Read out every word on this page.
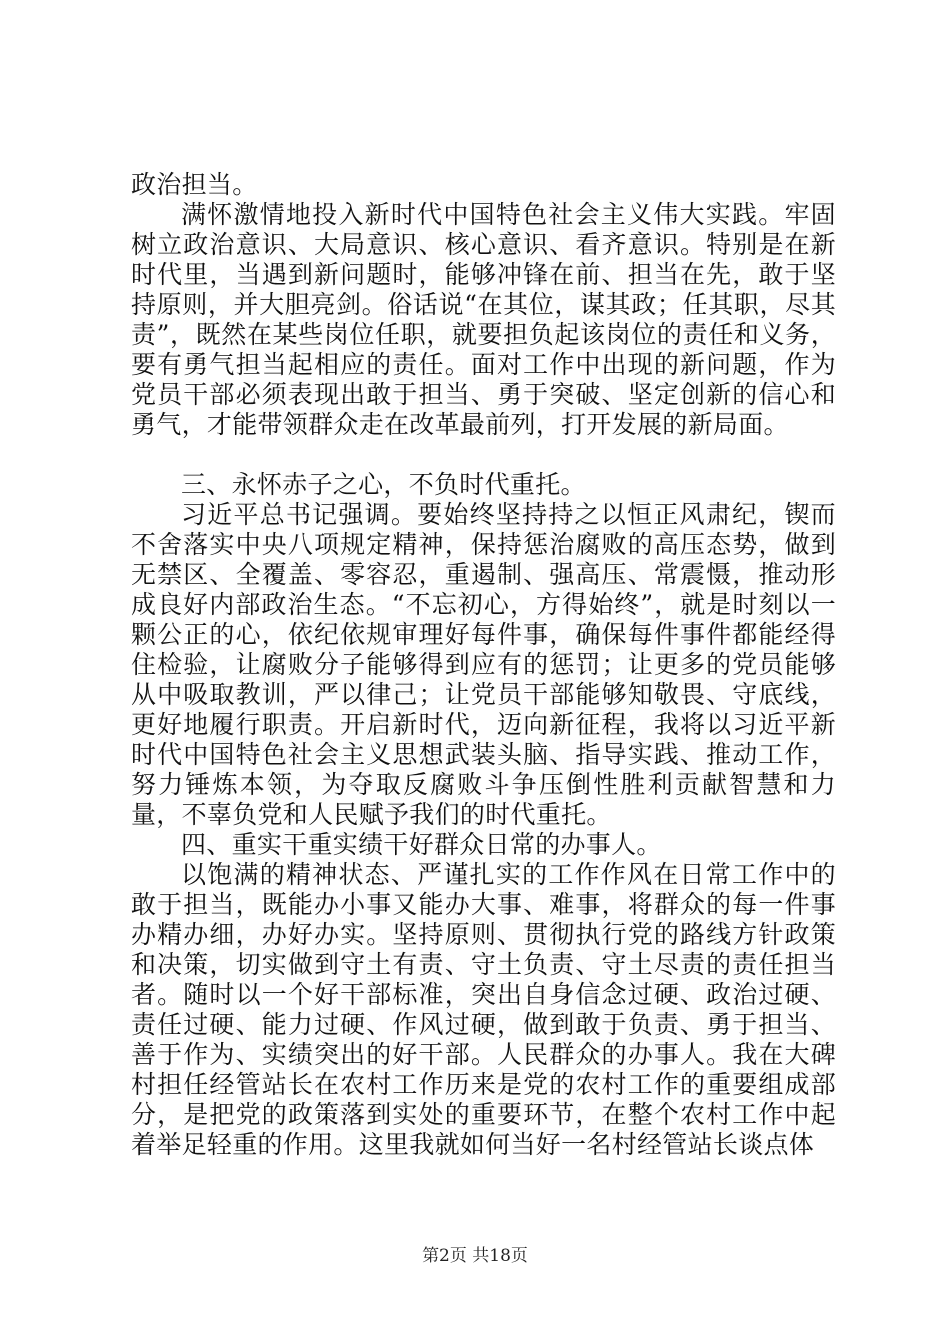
政治担当。

满怀激情地投入新时代中国特色社会主义伟大实践。牢固树立政治意识、大局意识、核心意识、看齐意识。特别是在新时代里，当遇到新问题时，能够冲锋在前、担当在先，敢于坚持原则，并大胆亮剑。俗话说“在其位，谋其政；任其职，尽其责”，既然在某些岗位任职，就要担负起该岗位的责任和义务，要有勇气担当起相应的责任。面对工作中出现的新问题，作为党员干部必须表现出敢于担当、勇于突破、坚定创新的信心和勇气，才能带领群众走在改革最前列，打开发展的新局面。

三、永怀赤子之心，不负时代重托。

习近平总书记强调。要始终坚持持之以恒正风肃纪，锲而不舍落实中央八项规定精神，保持惩治腐败的高压态势，做到无禁区、全覆盖、零容忍，重遏制、强高压、常震慑，推动形成良好内部政治生态。“不忘初心，方得始终”，就是时刻以一颗公正的心，依纪依规审理好每件事，确保每件事件都能经得住检验，让腐败分子能够得到应有的惩罚；让更多的党员能够从中吸取教训，严以律己；让党员干部能够知敬畏、守底线，更好地履行职责。开启新时代，迈向新征程，我将以习近平新时代中国特色社会主义思想武装头脑、指导实践、推动工作，努力锤炼本领，为夺取反腐败斗争压倒性胜利贡献智慧和力量，不辜负党和人民赋予我们的时代重托。

四、重实干重实绩干好群众日常的办事人。

以饱满的精神状态、严谨扎实的工作作风在日常工作中的敢于担当，既能办小事又能办大事、难事，将群众的每一件事办精办细，办好办实。坚持原则、贯彻执行党的路线方针政策和决策，切实做到守土有责、守土负责、守土尽责的责任担当者。随时以一个好干部标准，突出自身信念过硬、政治过硬、责任过硬、能力过硬、作风过硬，做到敢于负责、勇于担当、善于作为、实绩突出的好干部。人民群众的办事人。我在大碑村担任经管站长在农村工作历来是党的农村工作的重要组成部分，是把党的政策落到实处的重要环节，在整个农村工作中起着举足轻重的作用。这里我就如何当好一名村经管站长谈点体

第2页 共18页
